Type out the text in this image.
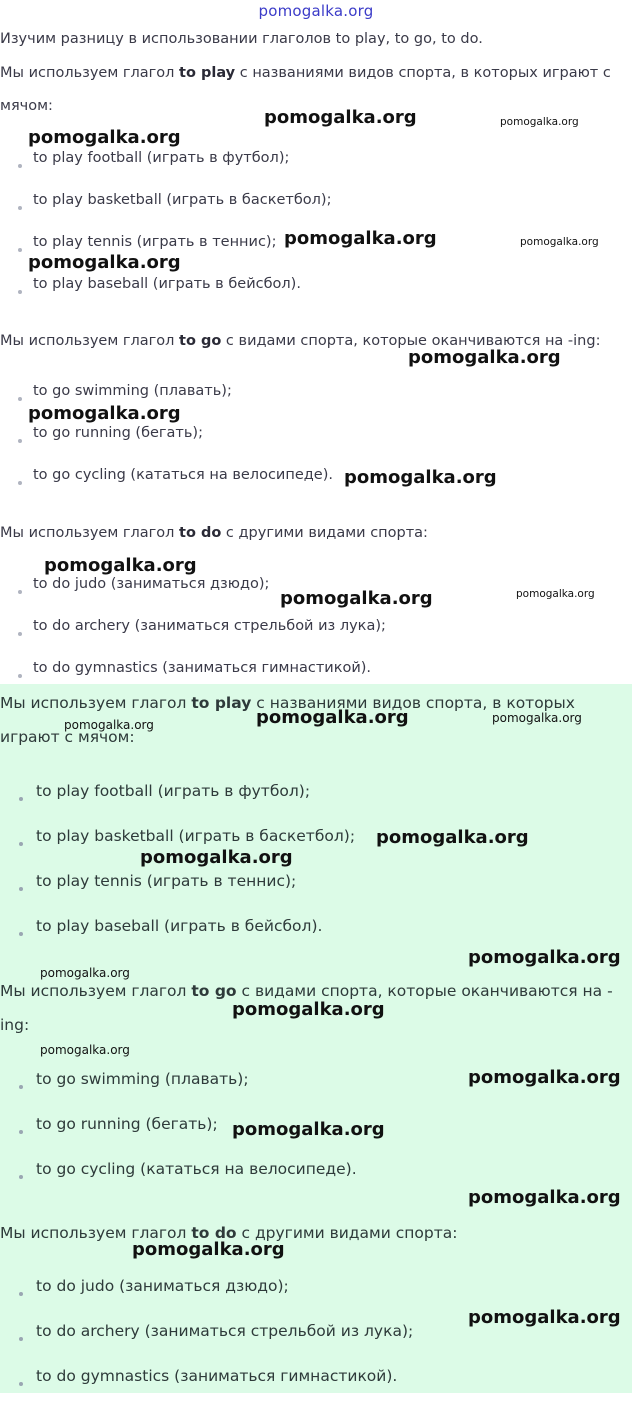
pomogalka.org
Изучим разницу в использовании глаголов to play, to go, to do.
Мы используем глагол to play с названиями видов спорта, в которых играют с мячом:
to play football (играть в футбол);
to play basketball (играть в баскетбол);
to play tennis (играть в теннис);
to play baseball (играть в бейсбол).
Мы используем глагол to go с видами спорта, которые оканчиваются на -ing:
to go swimming (плавать);
to go running (бегать);
to go cycling (кататься на велосипеде).
Мы используем глагол to do с другими видами спорта:
to do judo (заниматься дзюдо);
to do archery (заниматься стрельбой из лука);
to do gymnastics (заниматься гимнастикой).
Мы используем глагол to play с названиями видов спорта, в которых играют с мячом:
to play football (играть в футбол);
to play basketball (играть в баскетбол);
to play tennis (играть в теннис);
to play baseball (играть в бейсбол).
Мы используем глагол to go с видами спорта, которые оканчиваются на -ing:
to go swimming (плавать);
to go running (бегать);
to go cycling (кататься на велосипеде).
Мы используем глагол to do с другими видами спорта:
to do judo (заниматься дзюдо);
to do archery (заниматься стрельбой из лука);
to do gymnastics (заниматься гимнастикой).
pomogalka.org	pomogalka.org
pomogalka.org
pomogalka.org	pomogalka.org
pomogalka.org
pomogalka.org
pomogalka.org
pomogalka.org
pomogalka.org
pomogalka.org	pomogalka.org
pomogalka.org	pomogalka.org	pomogalka.org
pomogalka.org
pomogalka.org
pomogalka.org
pomogalka.org
pomogalka.org
pomogalka.org
pomogalka.org
pomogalka.org
pomogalka.org
pomogalka.org
pomogalka.org
